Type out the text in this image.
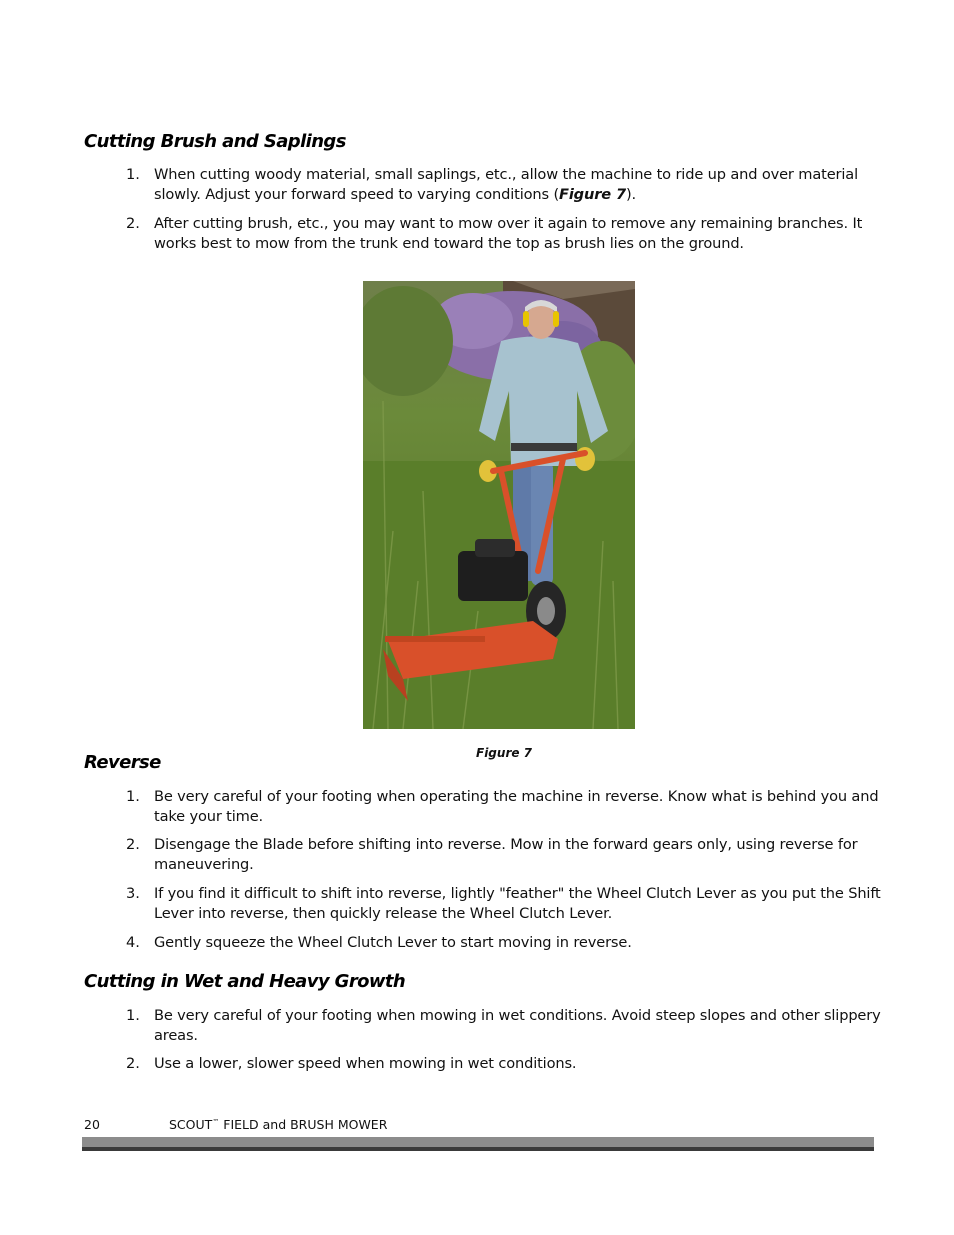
Cutting Brush and Saplings
1. When cutting woody material, small saplings, etc., allow the machine to ride up and over material
slowly. Adjust your forward speed to varying conditions (Figure 7).
2. After cutting brush, etc., you may want to mow over it again to remove any remaining branches. It
works best to mow from the trunk end toward the top as brush lies on the ground.
Figure 7
Reverse
1. Be very careful of your footing when operating the machine in reverse. Know what is behind you and
take your time.
2. Disengage the Blade before shifting into reverse. Mow in the forward gears only, using reverse for
maneuvering.
3. If you find it difficult to shift into reverse, lightly "feather" the Wheel Clutch Lever as you put the Shift
Lever into reverse, then quickly release the Wheel Clutch Lever.
4. Gently squeeze the Wheel Clutch Lever to start moving in reverse.
Cutting in Wet and Heavy Growth
1. Be very careful of your footing when mowing in wet conditions. Avoid steep slopes and other slippery
areas.
2. Use a lower, slower speed when mowing in wet conditions.
20	SCOUT™ FIELD and BRUSH MOWER
